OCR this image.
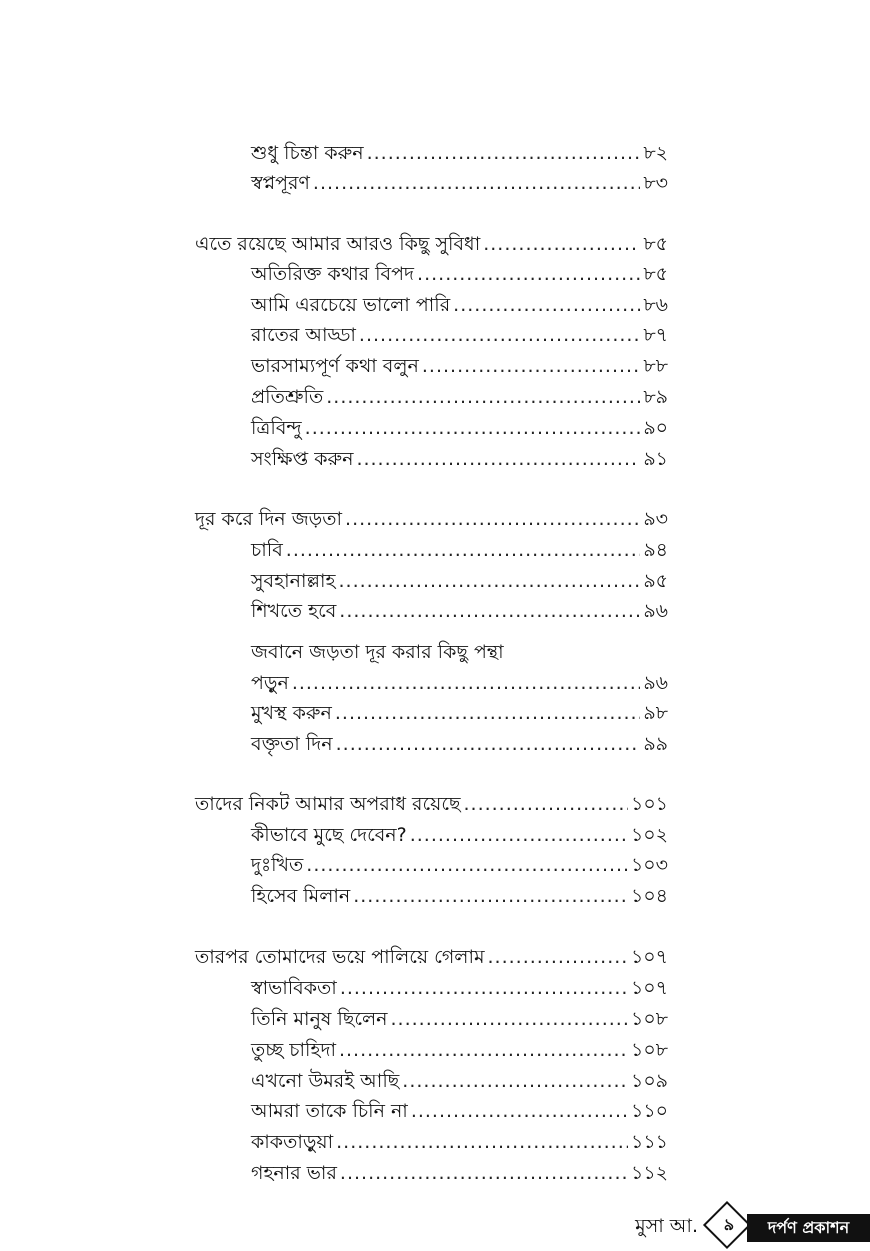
শুধু চিন্তা করুন .....	৮২
স্বপ্নপূরণ .....	৮৩
এতে রয়েছে আমার আরও কিছু সুবিধা .....	৮৫
অতিরিক্ত কথার বিপদ .....	৮৫
আমি এরচেয়ে ভালো পারি .....	৮৬
রাতের আড্ডা .....	৮৭
ভারসাম্যপূর্ণ কথা বলুন .....	৮৮
প্রতিশ্রুতি .....	৮৯
ত্রিবিন্দু .....	৯০
সংক্ষিপ্ত করুন .....	৯১
দূর করে দিন জড়তা .....	৯৩
চাবি .....	৯৪
সুবহানাল্লাহ .....	৯৫
শিখতে হবে .....	৯৬
জবানে জড়তা দূর করার কিছু পন্থা
পড়ুন .....	৯৬
মুখস্থ করুন .....	৯৮
বক্তৃতা দিন .....	৯৯
তাদের নিকট আমার অপরাধ রয়েছে .....	১০১
কীভাবে মুছে দেবেন? .....	১০২
দুঃখিত .....	১০৩
হিসেব মিলান .....	১০৪
তারপর তোমাদের ভয়ে পালিয়ে গেলাম .....	১০৭
স্বাভাবিকতা .....	১০৭
তিনি মানুষ ছিলেন .....	১০৮
তুচ্ছ চাহিদা .....	১০৮
এখনো উমরই আছি .....	১০৯
আমরা তাকে চিনি না .....	১১০
কাকতাড়ুয়া .....	১১১
গহনার ভার .....	১১২
মুসা আ.	৯	দর্পণ প্রকাশন
